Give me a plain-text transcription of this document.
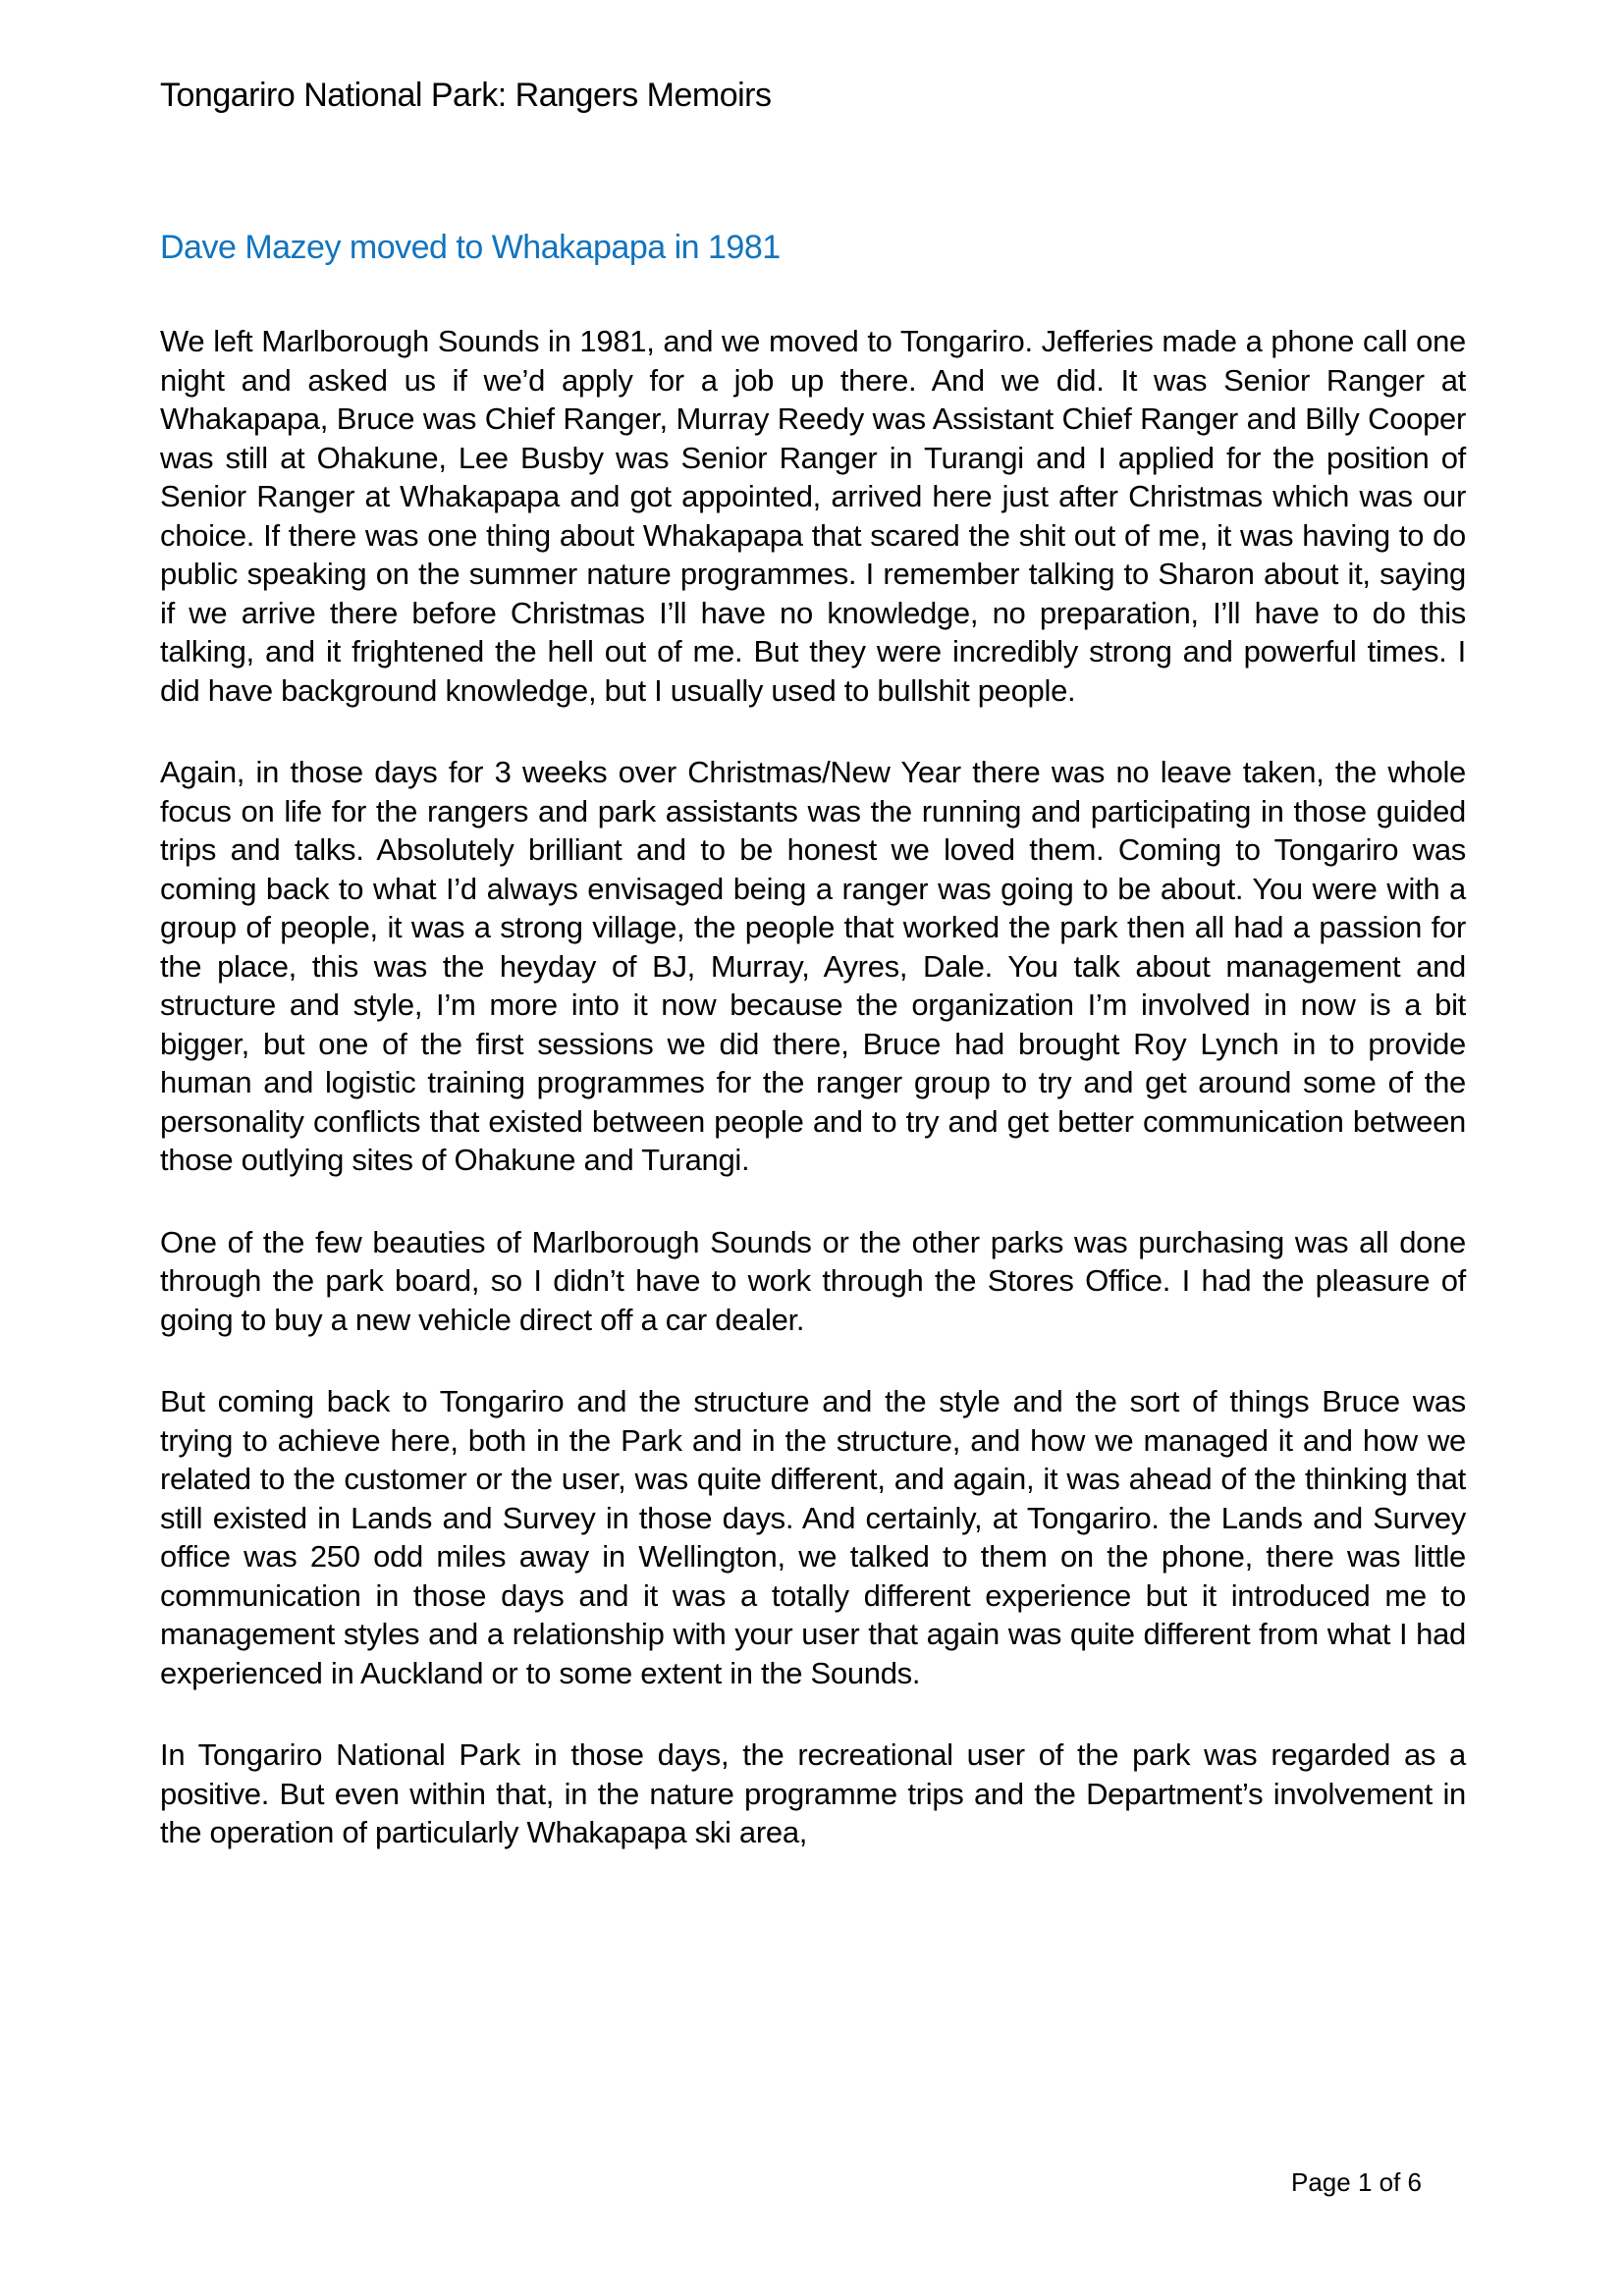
Tongariro National Park: Rangers Memoirs
Dave Mazey moved to Whakapapa in 1981

We left Marlborough Sounds in 1981, and we moved to Tongariro. Jefferies made a phone call one night and asked us if we’d apply for a job up there. And we did. It was Senior Ranger at Whakapapa, Bruce was Chief Ranger, Murray Reedy was Assistant Chief Ranger and Billy Cooper was still at Ohakune, Lee Busby was Senior Ranger in Turangi and I applied for the position of Senior Ranger at Whakapapa and got appointed, arrived here just after Christmas which was our choice. If there was one thing about Whakapapa that scared the shit out of me, it was having to do public speaking on the summer nature programmes. I remember talking to Sharon about it, saying if we arrive there before Christmas I’ll have no knowledge, no preparation, I’ll have to do this talking, and it frightened the hell out of me. But they were incredibly strong and powerful times. I did have background knowledge, but I usually used to bullshit people.

Again, in those days for 3 weeks over Christmas/New Year there was no leave taken, the whole focus on life for the rangers and park assistants was the running and participating in those guided trips and talks. Absolutely brilliant and to be honest we loved them. Coming to Tongariro was coming back to what I’d always envisaged being a ranger was going to be about. You were with a group of people, it was a strong village, the people that worked the park then all had a passion for the place, this was the heyday of BJ, Murray, Ayres, Dale. You talk about management and structure and style, I’m more into it now because the organization I’m involved in now is a bit bigger, but one of the first sessions we did there, Bruce had brought Roy Lynch in to provide human and logistic training programmes for the ranger group to try and get around some of the personality conflicts that existed between people and to try and get better communication between those outlying sites of Ohakune and Turangi.

One of the few beauties of Marlborough Sounds or the other parks was purchasing was all done through the park board, so I didn’t have to work through the Stores Office. I had the pleasure of going to buy a new vehicle direct off a car dealer.

But coming back to Tongariro and the structure and the style and the sort of things Bruce was trying to achieve here, both in the Park and in the structure, and how we managed it and how we related to the customer or the user, was quite different, and again, it was ahead of the thinking that still existed in Lands and Survey in those days. And certainly, at Tongariro. the Lands and Survey office was 250 odd miles away in Wellington, we talked to them on the phone, there was little communication in those days and it was a totally different experience but it introduced me to management styles and a relationship with your user that again was quite different from what I had experienced in Auckland or to some extent in the Sounds.

In Tongariro National Park in those days, the recreational user of the park was regarded as a positive. But even within that, in the nature programme trips and the Department’s involvement in the operation of particularly Whakapapa ski area,

Page 1 of 6
